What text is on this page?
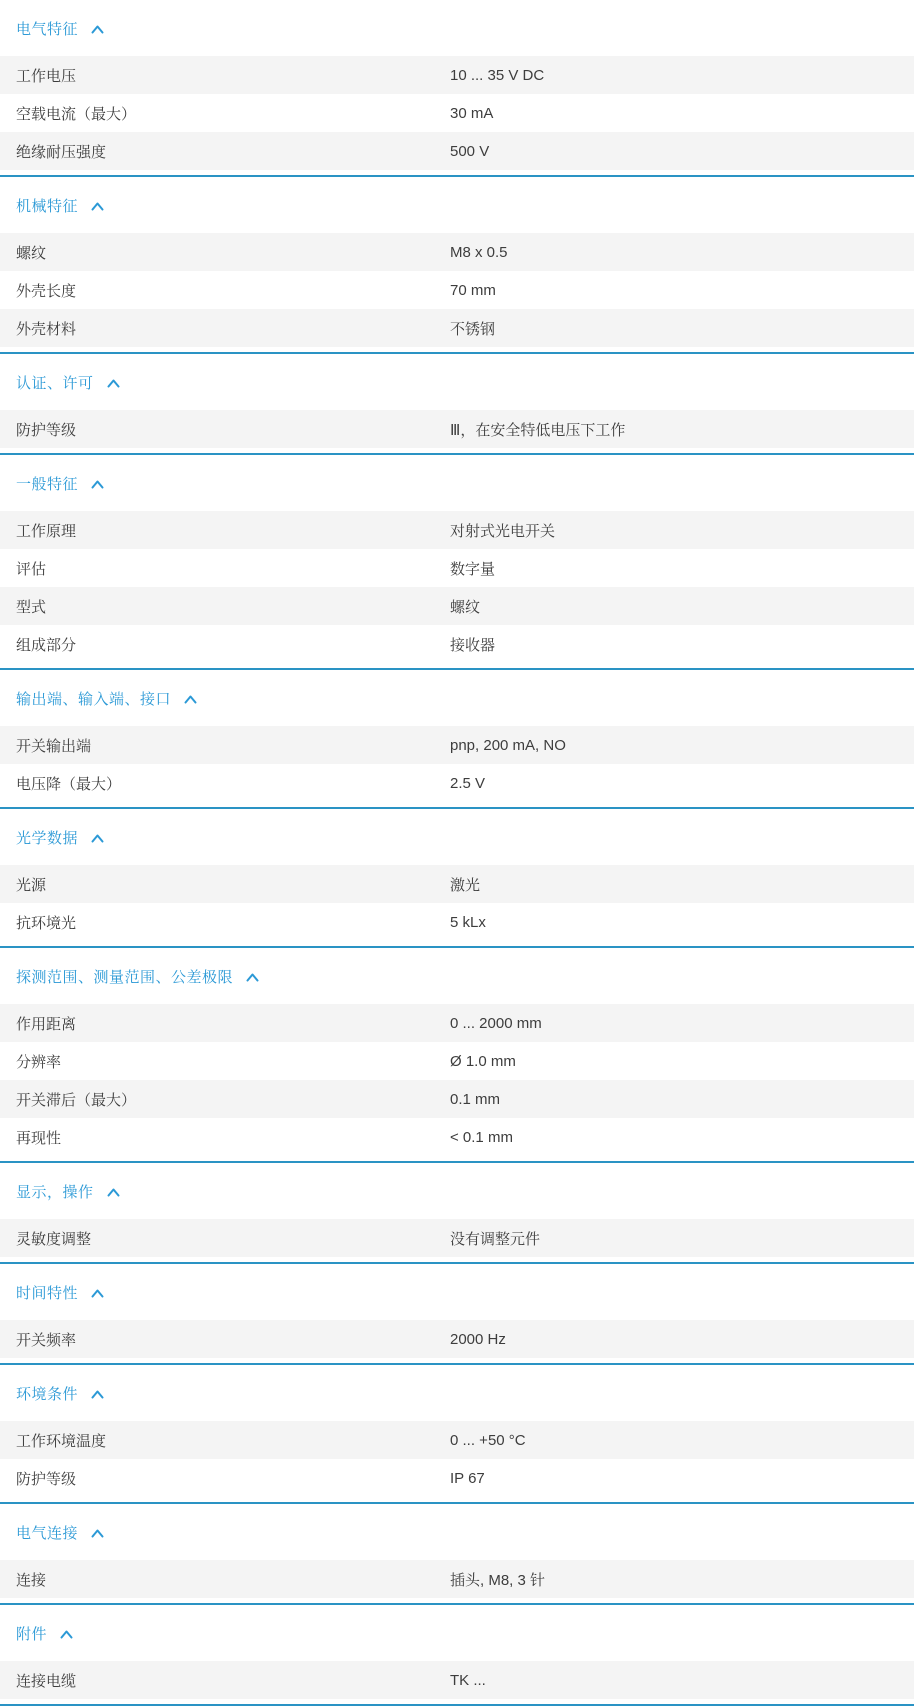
电气特征
工作电压	10 ... 35 V DC
空载电流（最大）	30 mA
绝缘耐压强度	500 V
机械特征
螺纹	M8 x 0.5
外壳长度	70 mm
外壳材料	不锈钢
认证、许可
防护等级	Ⅲ，在安全特低电压下工作
一般特征
工作原理	对射式光电开关
评估	数字量
型式	螺纹
组成部分	接收器
输出端、输入端、接口
开关输出端	pnp, 200 mA, NO
电压降（最大）	2.5 V
光学数据
光源	激光
抗环境光	5 kLx
探测范围、测量范围、公差极限
作用距离	0 ... 2000 mm
分辨率	Ø 1.0 mm
开关滞后（最大）	0.1 mm
再现性	< 0.1 mm
显示，操作
灵敏度调整	没有调整元件
时间特性
开关频率	2000 Hz
环境条件
工作环境温度	0 ... +50 °C
防护等级	IP 67
电气连接
连接	插头, M8, 3 针
附件
连接电缆	TK ...
